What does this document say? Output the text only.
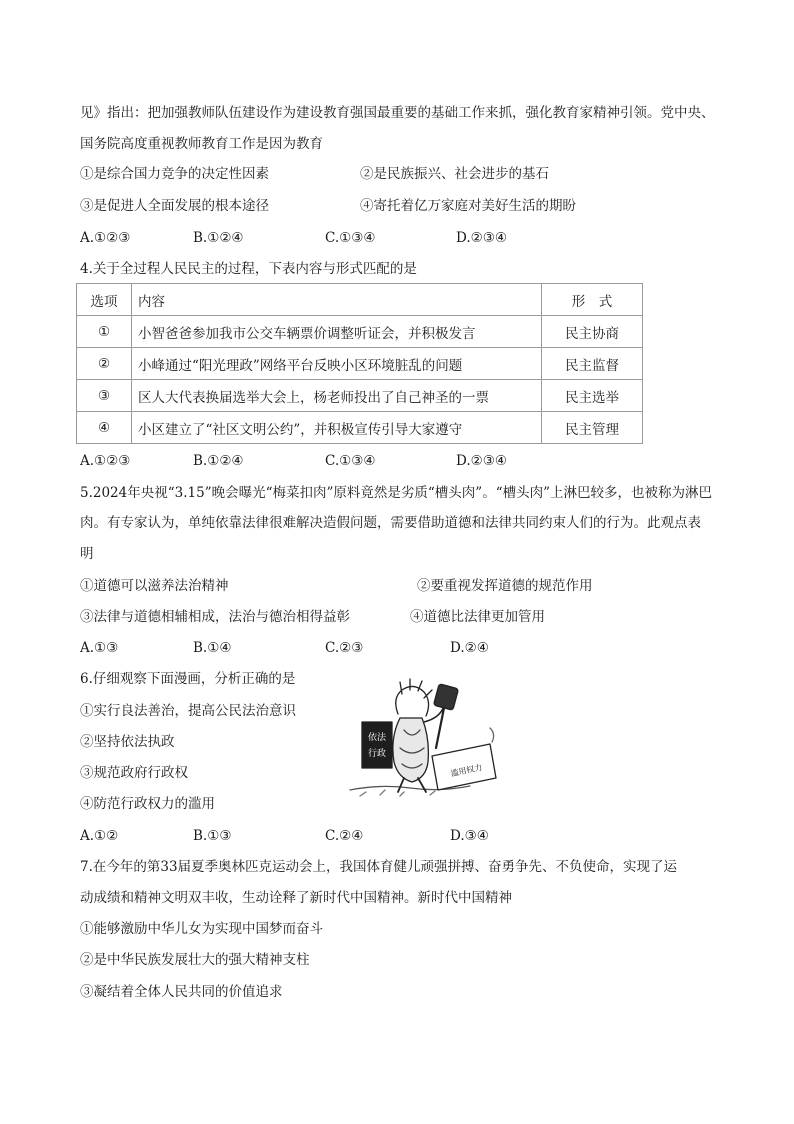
见》指出：把加强教师队伍建设作为建设教育强国最重要的基础工作来抓，强化教育家精神引领。党中央、
国务院高度重视教师教育工作是因为教育
①是综合国力竞争的决定性因素	②是民族振兴、社会进步的基石
③是促进人全面发展的根本途径	④寄托着亿万家庭对美好生活的期盼
A.①②③	B.①②④	C.①③④	D.②③④
4.关于全过程人民民主的过程，下表内容与形式匹配的是
选项	内容	形　式
①	小智爸爸参加我市公交车辆票价调整听证会，并积极发言	民主协商
②	小峰通过“阳光理政”网络平台反映小区环境脏乱的问题	民主监督
③	区人大代表换届选举大会上，杨老师投出了自己神圣的一票	民主选举
④	小区建立了“社区文明公约”，并积极宣传引导大家遵守	民主管理
A.①②③	B.①②④	C.①③④	D.②③④
5.2024年央视“3.15”晚会曝光“梅菜扣肉”原料竟然是劣质“槽头肉”。“槽头肉”上淋巴较多，也被称为淋巴
肉。有专家认为，单纯依靠法律很难解决造假问题，需要借助道德和法律共同约束人们的行为。此观点表
明
①道德可以滋养法治精神	②要重视发挥道德的规范作用
③法律与道德相辅相成，法治与德治相得益彰	④道德比法律更加管用
A.①③	B.①④	C.②③	D.②④
6.仔细观察下面漫画，分析正确的是
①实行良法善治，提高公民法治意识
②坚持依法执政
③规范政府行政权
④防范行政权力的滥用
A.①②	B.①③	C.②④	D.③④
依法
行政
滥用权力
7.在今年的第33届夏季奥林匹克运动会上，我国体育健儿顽强拼搏、奋勇争先、不负使命，实现了运
动成绩和精神文明双丰收，生动诠释了新时代中国精神。新时代中国精神
①能够激励中华儿女为实现中国梦而奋斗
②是中华民族发展壮大的强大精神支柱
③凝结着全体人民共同的价值追求
